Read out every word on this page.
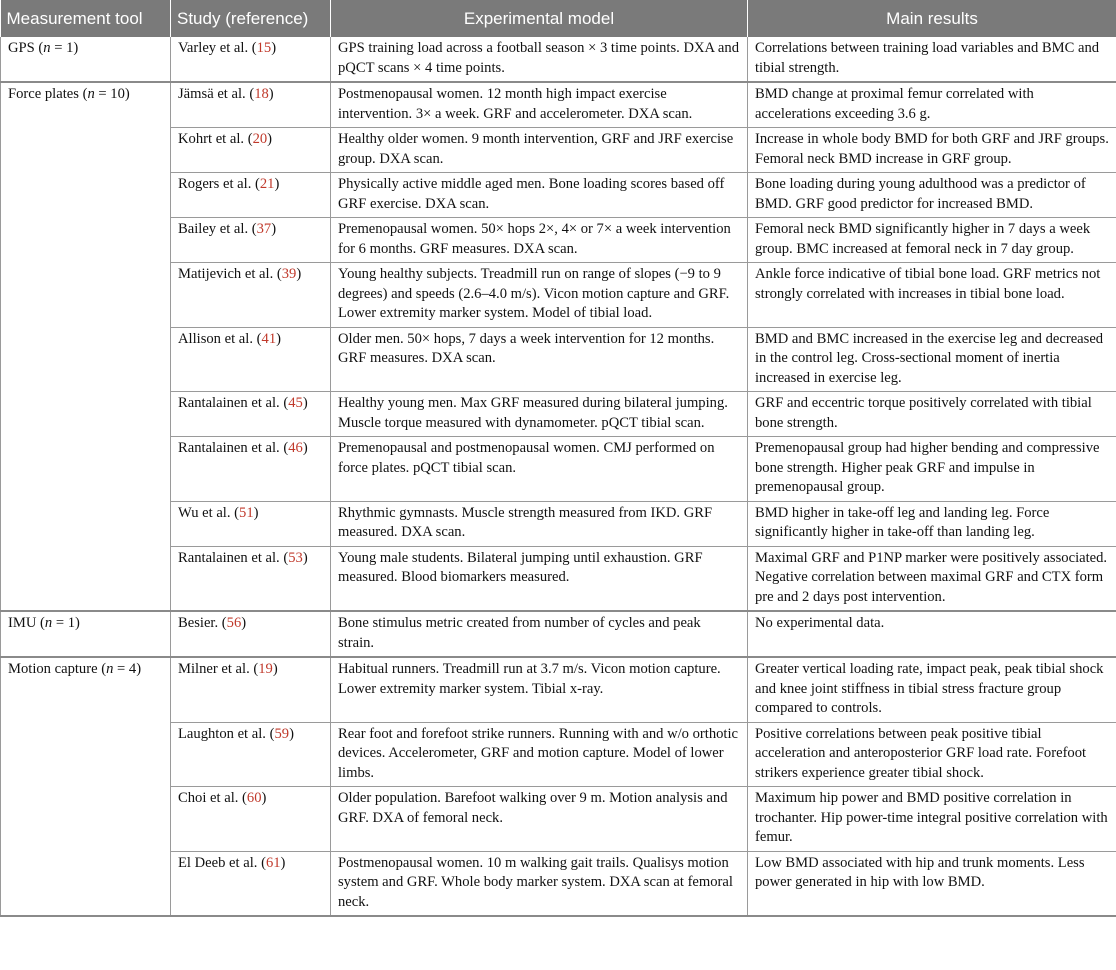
Measurement tool	Study (reference)	Experimental model	Main results
GPS (n = 1)	Varley et al. (15)	GPS training load across a football season × 3 time points. DXA and pQCT scans × 4 time points.	Correlations between training load variables and BMC and tibial strength.
Force plates (n = 10)	Jämsä et al. (18)	Postmenopausal women. 12 month high impact exercise intervention. 3× a week. GRF and accelerometer. DXA scan.	BMD change at proximal femur correlated with accelerations exceeding 3.6 g.
	Kohrt et al. (20)	Healthy older women. 9 month intervention, GRF and JRF exercise group. DXA scan.	Increase in whole body BMD for both GRF and JRF groups. Femoral neck BMD increase in GRF group.
	Rogers et al. (21)	Physically active middle aged men. Bone loading scores based off GRF exercise. DXA scan.	Bone loading during young adulthood was a predictor of BMD. GRF good predictor for increased BMD.
	Bailey et al. (37)	Premenopausal women. 50× hops 2×, 4× or 7× a week intervention for 6 months. GRF measures. DXA scan.	Femoral neck BMD significantly higher in 7 days a week group. BMC increased at femoral neck in 7 day group.
	Matijevich et al. (39)	Young healthy subjects. Treadmill run on range of slopes (−9 to 9 degrees) and speeds (2.6–4.0 m/s). Vicon motion capture and GRF. Lower extremity marker system. Model of tibial load.	Ankle force indicative of tibial bone load. GRF metrics not strongly correlated with increases in tibial bone load.
	Allison et al. (41)	Older men. 50× hops, 7 days a week intervention for 12 months. GRF measures. DXA scan.	BMD and BMC increased in the exercise leg and decreased in the control leg. Cross-sectional moment of inertia increased in exercise leg.
	Rantalainen et al. (45)	Healthy young men. Max GRF measured during bilateral jumping. Muscle torque measured with dynamometer. pQCT tibial scan.	GRF and eccentric torque positively correlated with tibial bone strength.
	Rantalainen et al. (46)	Premenopausal and postmenopausal women. CMJ performed on force plates. pQCT tibial scan.	Premenopausal group had higher bending and compressive bone strength. Higher peak GRF and impulse in premenopausal group.
	Wu et al. (51)	Rhythmic gymnasts. Muscle strength measured from IKD. GRF measured. DXA scan.	BMD higher in take-off leg and landing leg. Force significantly higher in take-off than landing leg.
	Rantalainen et al. (53)	Young male students. Bilateral jumping until exhaustion. GRF measured. Blood biomarkers measured.	Maximal GRF and P1NP marker were positively associated. Negative correlation between maximal GRF and CTX form pre and 2 days post intervention.
IMU (n = 1)	Besier. (56)	Bone stimulus metric created from number of cycles and peak strain.	No experimental data.
Motion capture (n = 4)	Milner et al. (19)	Habitual runners. Treadmill run at 3.7 m/s. Vicon motion capture. Lower extremity marker system. Tibial x-ray.	Greater vertical loading rate, impact peak, peak tibial shock and knee joint stiffness in tibial stress fracture group compared to controls.
	Laughton et al. (59)	Rear foot and forefoot strike runners. Running with and w/o orthotic devices. Accelerometer, GRF and motion capture. Model of lower limbs.	Positive correlations between peak positive tibial acceleration and anteroposterior GRF load rate. Forefoot strikers experience greater tibial shock.
	Choi et al. (60)	Older population. Barefoot walking over 9 m. Motion analysis and GRF. DXA of femoral neck.	Maximum hip power and BMD positive correlation in trochanter. Hip power-time integral positive correlation with femur.
	El Deeb et al. (61)	Postmenopausal women. 10 m walking gait trails. Qualisys motion system and GRF. Whole body marker system. DXA scan at femoral neck.	Low BMD associated with hip and trunk moments. Less power generated in hip with low BMD.
